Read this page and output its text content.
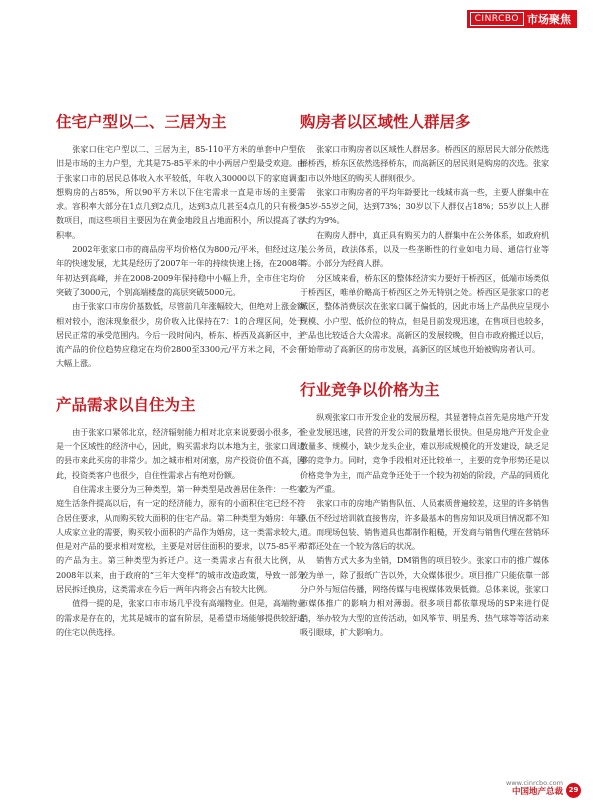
CINRCBO 市场聚焦
住宅户型以二、三居为主

张家口住宅户型以二、三居为主，85-110平方米的单套中户型依旧是市场的主力户型，尤其是75-85平米的中小两居户型最受欢迎。由于张家口市的居民总体收入水平较低，年收入30000以下的家庭调查想购房的占85%，所以90平方米以下住宅需求一直是市场的主要需求。容积率大部分在1点几到2点几，达到3点几甚至4点几的只有极少数项目，而这些项目主要因为在黄金地段且占地面积小，所以提高了容积率。

2002年张家口市的商品房平均价格仅为800元/平米，但经过这几年的快速发展，尤其是经历了2007年一年的持续快速上扬，在2008年年初达到高峰，并在2008-2009年保持稳中小幅上升，全市住宅均价突破了3000元，个别高端楼盘的高层突破5000元。

由于张家口市房价基数低，尽管前几年涨幅较大，但绝对上涨金额相对较小，泡沫现象很少，房价收入比保持在7：1的合理区间，处于居民正常的承受范围内。今后一段时间内，桥东、桥西及高新区中，主流产品的价位趋势应稳定在均价2800至3300元/平方米之间，不会有大幅上涨。

产品需求以自住为主

由于张家口紧邻北京，经济辐射能力相对北京来说要弱小很多，不是一个区域性的经济中心，因此，购买需求均以本地为主，张家口周边的县市来此买房的非常少。加之城市相对闭塞，房产投资价值不高，因此，投资类客户也很少，自住性需求占有绝对份额。

自住需求主要分为三种类型，第一种类型是改善居住条件：一些家庭生活条件提高以后，有一定的经济能力，原有的小面积住宅已经不符合居住要求，从而购买较大面积的住宅产品。第二种类型为婚房：年轻人成家立业的需要，购买较小面积的产品作为婚房，这一类需求较大，但是对产品的要求相对宽松，主要是对居住面积的要求，以75-85平米的产品为主。第三种类型为拆迁户。这一类需求占有很大比例，从2008年以来，由于政府的“三年大变样”的城市改造政策，导致一部分居民拆迁换房，这类需求在今后一两年内将会占有较大比例。

值得一提的是，张家口市市场几乎没有高端物业。但是，高端物业的需求是存在的，尤其是城市的富有阶层，是希望市场能够提供较舒适的住宅以供选择。

购房者以区域性人群居多

张家口市购房者以区域性人群居多。桥西区的原居民大部分依然选择桥西，桥东区依然选择桥东，而高新区的居民则是购房的次选。张家口市以外地区的购买人群则很少。

张家口市购房者的平均年龄要比一线城市高一些，主要人群集中在35岁-55岁之间，达到73%；30岁以下人群仅占18%；55岁以上人群大约为9%。

在购房人群中，真正具有购买力的人群集中在公务体系，如政府机关公务员，政法体系，以及一些垄断性的行业如电力局、通信行业等等。小部分为经商人群。

分区域来看，桥东区的整体经济实力要好于桥西区，低端市场类似于桥西区，唯单价略高于桥西区之外无特别之处。桥西区是张家口的老城区，整体消费层次在张家口属于偏低的，因此市场上产品供应呈现小规模、小户型、低价位的特点，但是目前发现迅速，在售项目也较多，产品也比较适合大众需求。高新区的发展较晚，但自市政府搬迁以后，开始带动了高新区的房市发展，高新区的区域也开始被购房者认可。

行业竞争以价格为主

纵观张家口市开发企业的发展历程，其显著特点首先是房地产开发企业发展迅速，民营的开发公司的数量增长很快。但是房地产开发企业数量多、规模小，缺少龙头企业，难以形成规模化的开发建设，缺乏足够的竞争力。同时，竞争手段相对还比较单一，主要的竞争形势还是以价格竞争为主，而产品竞争还处于一个较为初始的阶段，产品的同质化较为严重。

张家口市的房地产销售队伍、人员素质普遍较差，这里的许多销售队伍不经过培训就直接售房，许多最基本的售房知识及项目情况都不知道。而现场包装、销售道具也都制作粗糙，开发商与销售代理在营销环节都还处在一个较为落后的状况。

销售方式大多为坐销，DM销售的项目较少。张家口市的推广媒体较为单一，除了报纸广告以外，大众媒体很少。项目推广只能依靠一部分户外与短信传播，网络传媒与电视媒体效果低微。总体来说，张家口市媒体推广的影响力相对薄弱。很多项目都依靠现场的SP来进行促销，举办较为大型的宣传活动，如风筝节、明星秀、热气球等等活动来吸引眼球，扩大影响力。

www.cinrcbo.com
中国地产总裁 29
